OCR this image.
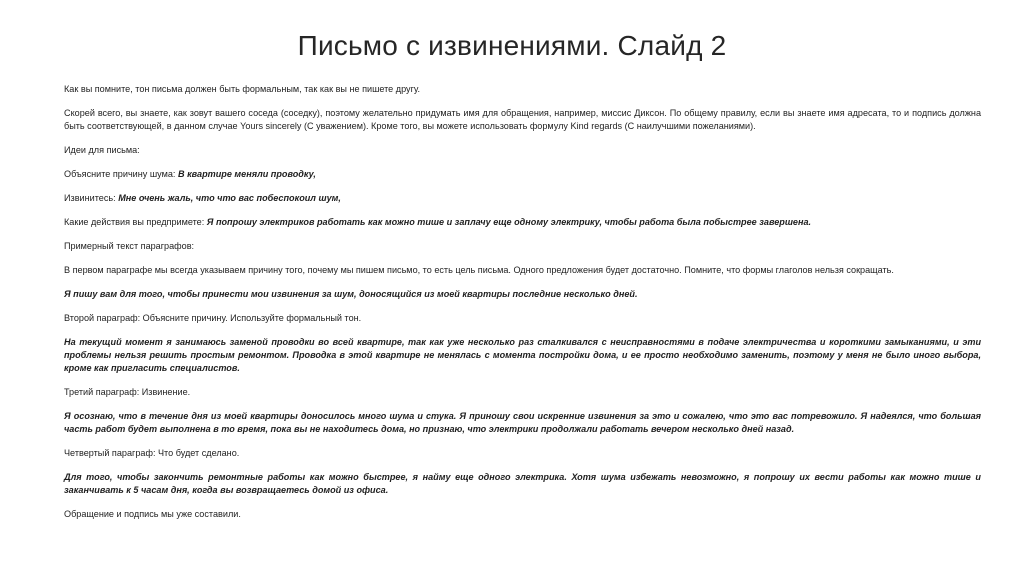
Письмо с извинениями. Слайд 2

Как вы помните, тон письма должен быть формальным, так как вы не пишете другу.

Скорей всего, вы знаете, как зовут вашего соседа (соседку), поэтому желательно придумать имя для обращения, например, миссис Диксон. По общему правилу, если вы знаете имя адресата, то и подпись должна быть соответствующей, в данном случае Yours sincerely (С уважением). Кроме того, вы можете использовать формулу Kind regards (С наилучшими пожеланиями).

Идеи для письма:

Объясните причину шума: В квартире меняли проводку,

Извинитесь: Мне очень жаль, что что вас побеспокоил шум,

Какие действия вы предпримете: Я попрошу электриков работать как можно тише и заплачу еще одному электрику, чтобы работа была побыстрее завершена.

Примерный текст параграфов:

В первом параграфе мы всегда указываем причину того, почему мы пишем письмо, то есть цель письма. Одного предложения будет достаточно. Помните, что формы глаголов нельзя сокращать.

Я пишу вам для того, чтобы принести мои извинения за шум, доносящийся из моей квартиры последние несколько дней.

Второй параграф: Объясните причину. Используйте формальный тон.

На текущий момент я занимаюсь заменой проводки во всей квартире, так как уже несколько раз сталкивался с неисправностями в подаче электричества и короткими замыканиями, и эти проблемы нельзя решить простым ремонтом. Проводка в этой квартире не менялась с момента постройки дома, и ее просто необходимо заменить, поэтому у меня не было иного выбора, кроме как пригласить специалистов.

Третий параграф: Извинение.

Я осознаю, что в течение дня из моей квартиры доносилось много шума и стука. Я приношу свои искренние извинения за это и сожалею, что это вас потревожило. Я надеялся, что большая часть работ будет выполнена в то время, пока вы не находитесь дома, но признаю, что электрики продолжали работать вечером несколько дней назад.

Четвертый параграф: Что будет сделано.

Для того, чтобы закончить ремонтные работы как можно быстрее, я найму еще одного электрика. Хотя шума избежать невозможно, я попрошу их вести работы как можно тише и заканчивать к 5 часам дня, когда вы возвращаетесь домой из офиса.

Обращение и подпись мы уже составили.
